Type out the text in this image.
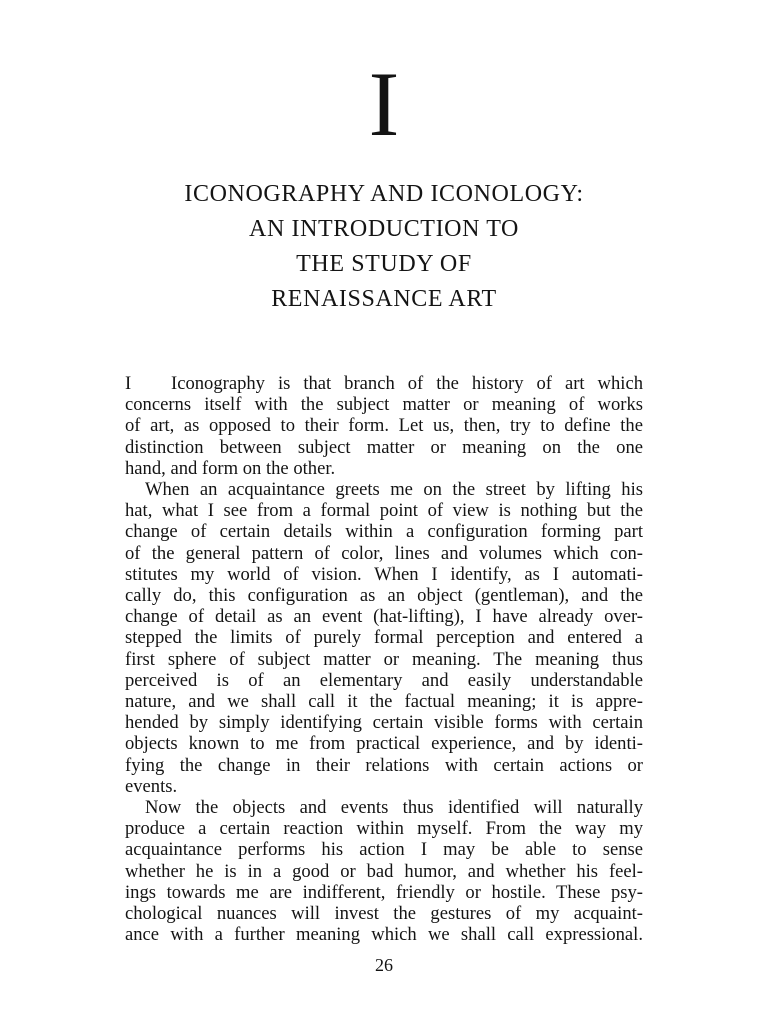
I
ICONOGRAPHY AND ICONOLOGY:
AN INTRODUCTION TO
THE STUDY OF
RENAISSANCE ART
I Iconography is that branch of the history of art which
concerns itself with the subject matter or meaning of works
of art, as opposed to their form. Let us, then, try to define the
distinction between subject matter or meaning on the one
hand, and form on the other.
When an acquaintance greets me on the street by lifting his
hat, what I see from a formal point of view is nothing but the
change of certain details within a configuration forming part
of the general pattern of color, lines and volumes which con-
stitutes my world of vision. When I identify, as I automati-
cally do, this configuration as an object (gentleman), and the
change of detail as an event (hat-lifting), I have already over-
stepped the limits of purely formal perception and entered a
first sphere of subject matter or meaning. The meaning thus
perceived is of an elementary and easily understandable
nature, and we shall call it the factual meaning; it is appre-
hended by simply identifying certain visible forms with certain
objects known to me from practical experience, and by identi-
fying the change in their relations with certain actions or
events.
Now the objects and events thus identified will naturally
produce a certain reaction within myself. From the way my
acquaintance performs his action I may be able to sense
whether he is in a good or bad humor, and whether his feel-
ings towards me are indifferent, friendly or hostile. These psy-
chological nuances will invest the gestures of my acquaint-
ance with a further meaning which we shall call expressional.
26
